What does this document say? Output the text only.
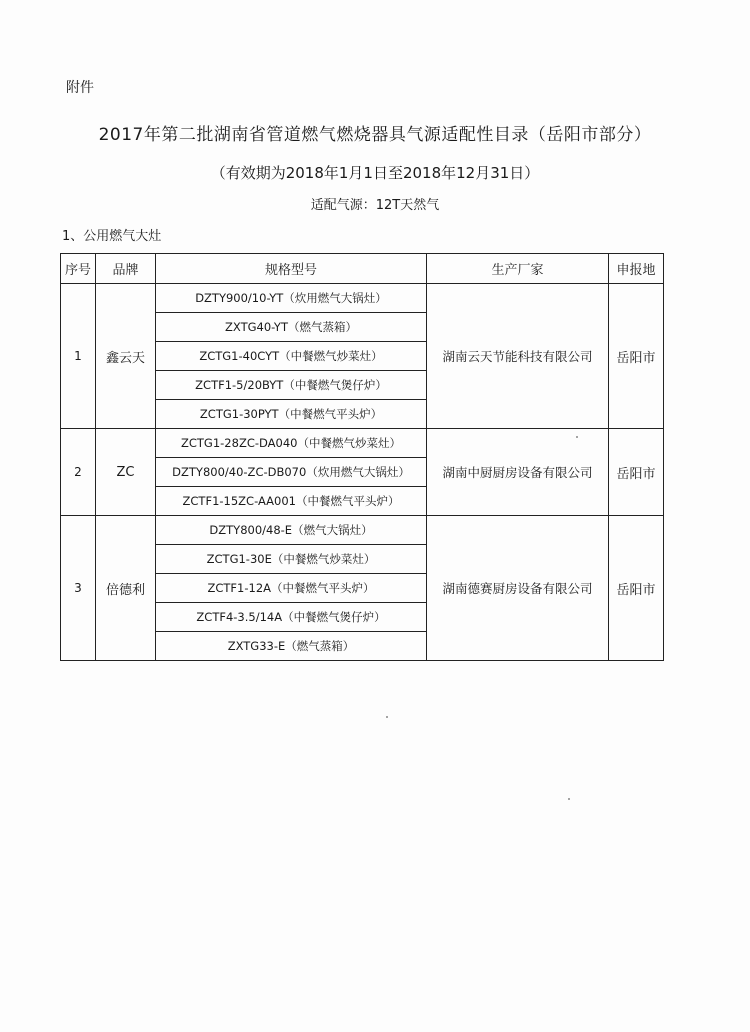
附件
2017年第二批湖南省管道燃气燃烧器具气源适配性目录（岳阳市部分）
（有效期为2018年1月1日至2018年12月31日）
适配气源：12T天然气
1、公用燃气大灶
序号	品牌	规格型号	生产厂家	申报地
1	鑫云天	DZTY900/10-YT（炊用燃气大锅灶）	湖南云天节能科技有限公司	岳阳市
		ZXTG40-YT（燃气蒸箱）		
		ZCTG1-40CYT（中餐燃气炒菜灶）		
		ZCTF1-5/20BYT（中餐燃气煲仔炉）		
		ZCTG1-30PYT（中餐燃气平头炉）		
2	ZC	ZCTG1-28ZC-DA040（中餐燃气炒菜灶）	湖南中厨厨房设备有限公司	岳阳市
		DZTY800/40-ZC-DB070（炊用燃气大锅灶）		
		ZCTF1-15ZC-AA001（中餐燃气平头炉）		
3	倍德利	DZTY800/48-E（燃气大锅灶）	湖南德赛厨房设备有限公司	岳阳市
		ZCTG1-30E（中餐燃气炒菜灶）		
		ZCTF1-12A（中餐燃气平头炉）		
		ZCTF4-3.5/14A（中餐燃气煲仔炉）		
		ZXTG33-E（燃气蒸箱）		
